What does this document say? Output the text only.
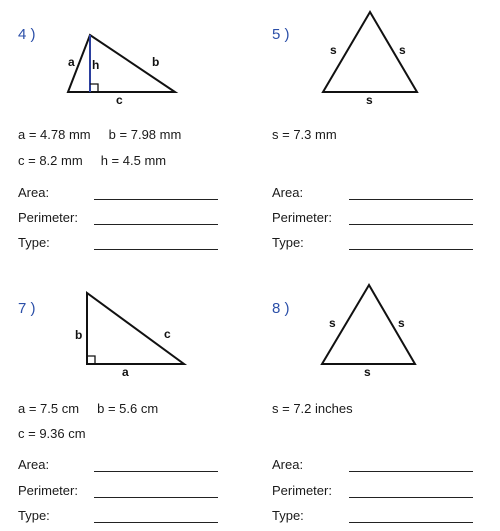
4 )
a h	b
c
a = 4.78 mm     b = 7.98 mm
c = 8.2 mm     h = 4.5 mm
Area:
Perimeter:
Type:
5 )
s	s
s
s = 7.3 mm
Area:
Perimeter:
Type:
7 )
b	c
a
a = 7.5 cm     b = 5.6 cm
c = 9.36 cm
Area:
Perimeter:
Type:
8 )
s	s
s
s = 7.2 inches
Area:
Perimeter:
Type:
